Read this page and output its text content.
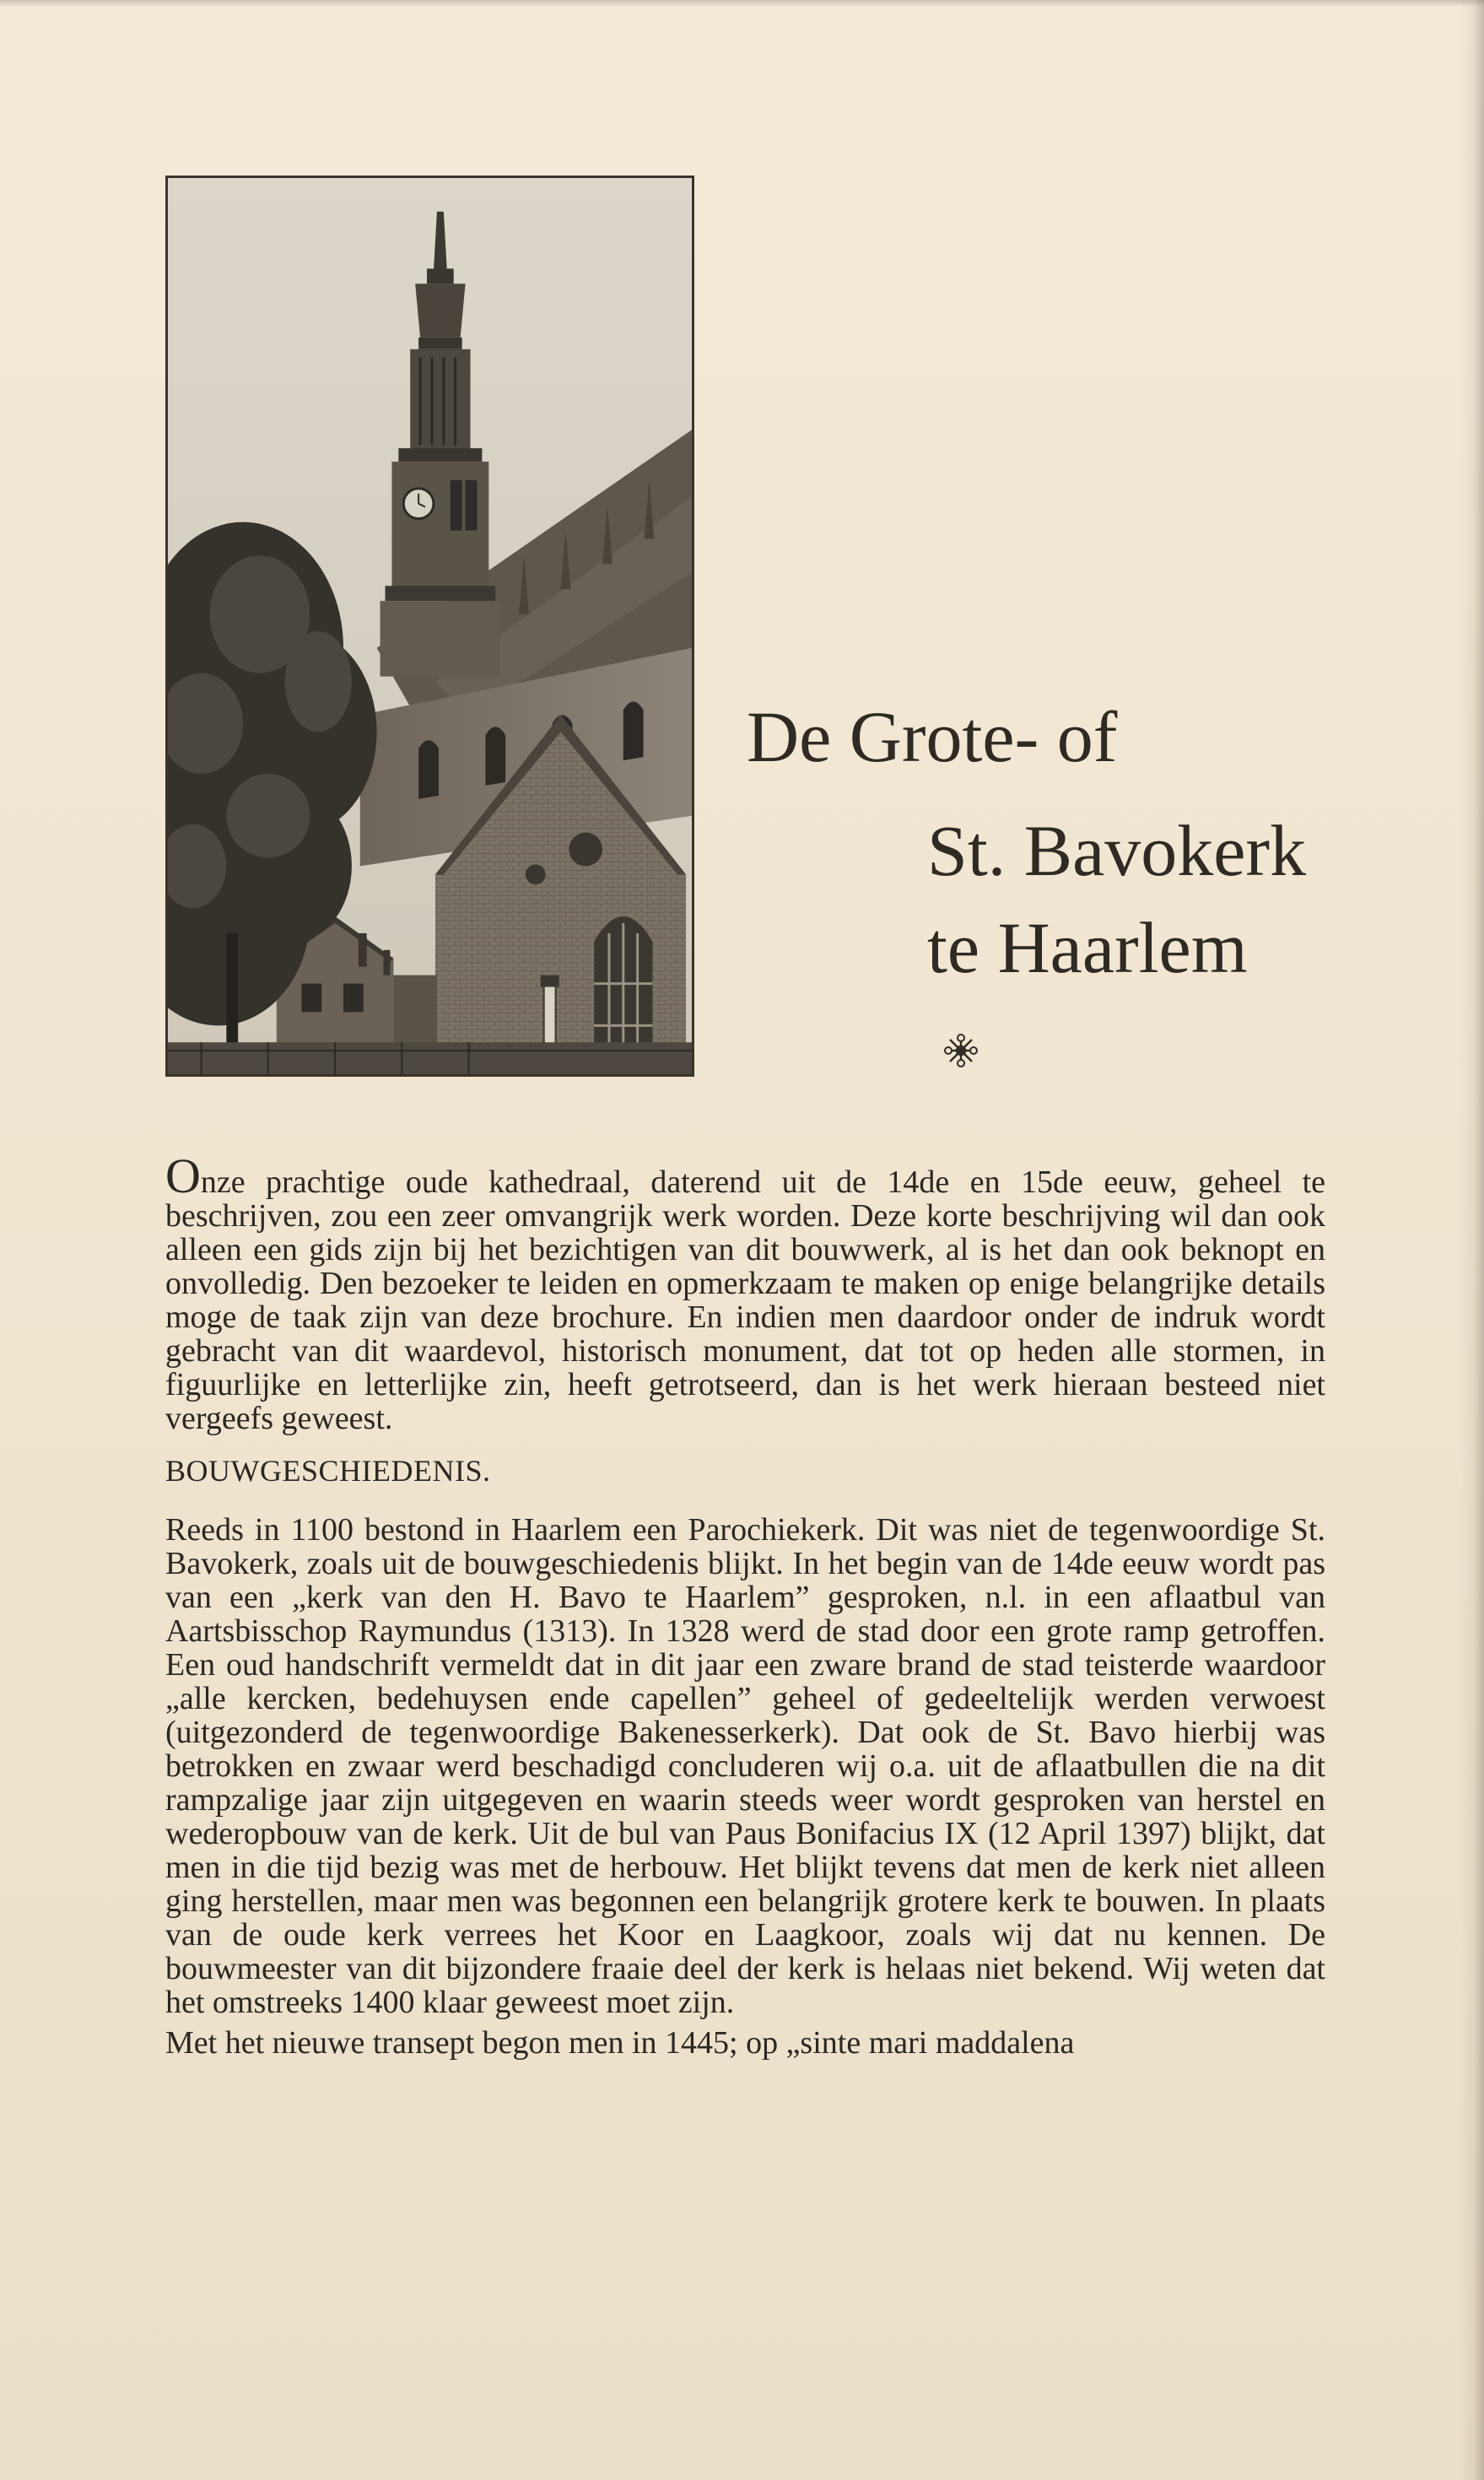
De Grote- of
St. Bavokerk
te Haarlem

Onze prachtige oude kathedraal, daterend uit de 14de en 15de eeuw, geheel te beschrijven, zou een zeer omvangrijk werk worden. Deze korte beschrijving wil dan ook alleen een gids zijn bij het bezichtigen van dit bouwwerk, al is het dan ook beknopt en onvolledig. Den bezoeker te leiden en opmerkzaam te maken op enige belangrijke details moge de taak zijn van deze brochure. En indien men daardoor onder de indruk wordt gebracht van dit waardevol, historisch monument, dat tot op heden alle stormen, in figuurlijke en letterlijke zin, heeft getrotseerd, dan is het werk hieraan besteed niet vergeefs geweest.

BOUWGESCHIEDENIS.

Reeds in 1100 bestond in Haarlem een Parochiekerk. Dit was niet de tegenwoordige St. Bavokerk, zoals uit de bouwgeschiedenis blijkt. In het begin van de 14de eeuw wordt pas van een „kerk van den H. Bavo te Haarlem” gesproken, n.l. in een aflaatbul van Aartsbisschop Raymundus (1313). In 1328 werd de stad door een grote ramp getroffen. Een oud handschrift vermeldt dat in dit jaar een zware brand de stad teisterde waardoor „alle kercken, bedehuysen ende capellen” geheel of gedeeltelijk werden verwoest (uitgezonderd de tegenwoordige Bakenesserkerk). Dat ook de St. Bavo hierbij was betrokken en zwaar werd beschadigd concluderen wij o.a. uit de aflaatbullen die na dit rampzalige jaar zijn uitgegeven en waarin steeds weer wordt gesproken van herstel en wederopbouw van de kerk. Uit de bul van Paus Bonifacius IX (12 April 1397) blijkt, dat men in die tijd bezig was met de herbouw. Het blijkt tevens dat men de kerk niet alleen ging herstellen, maar men was begonnen een belangrijk grotere kerk te bouwen. In plaats van de oude kerk verrees het Koor en Laagkoor, zoals wij dat nu kennen. De bouwmeester van dit bijzondere fraaie deel der kerk is helaas niet bekend. Wij weten dat het omstreeks 1400 klaar geweest moet zijn.

Met het nieuwe transept begon men in 1445; op „sinte mari maddalena
